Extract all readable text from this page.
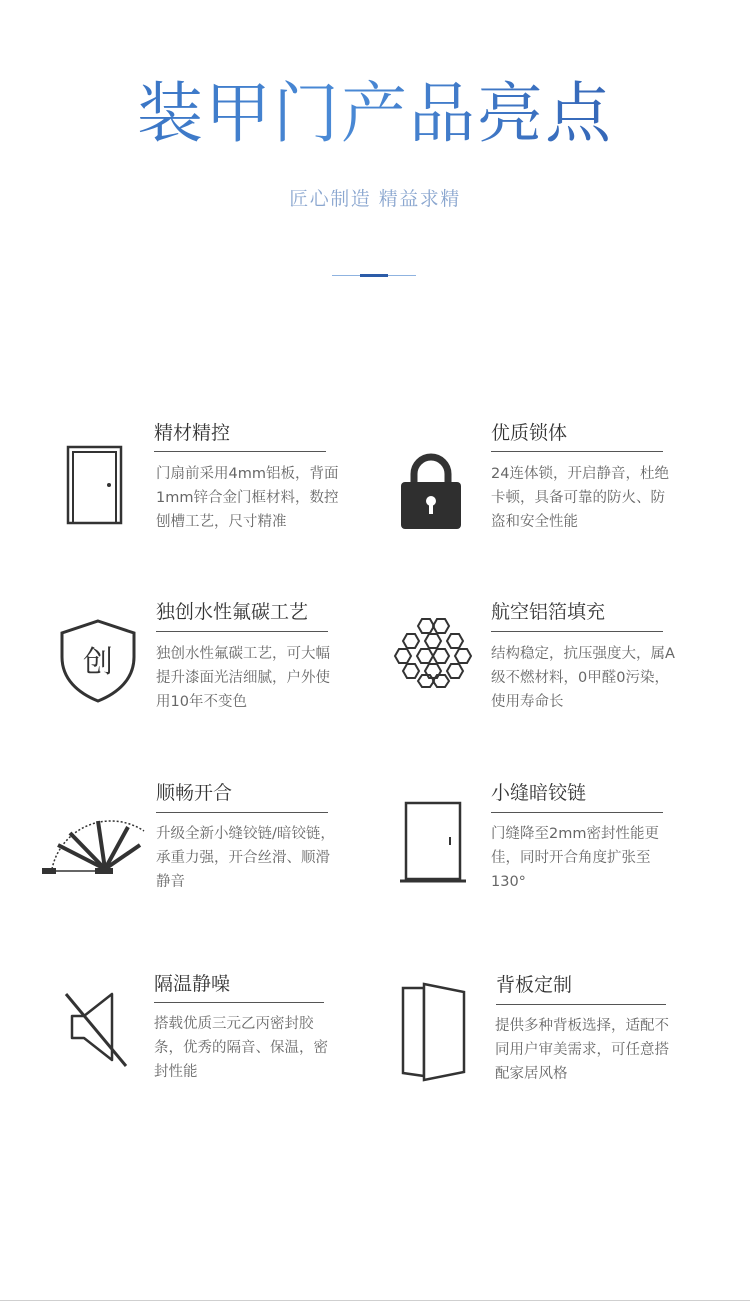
装甲门产品亮点
匠心制造 精益求精
精材精控
门扇前采用4mm铝板，背面1mm锌合金门框材料，数控刨槽工艺，尺寸精准
优质锁体
24连体锁，开启静音，杜绝卡顿，具备可靠的防火、防盗和安全性能
创
独创水性氟碳工艺
独创水性氟碳工艺，可大幅提升漆面光洁细腻，户外使用10年不变色
航空铝箔填充
结构稳定，抗压强度大，属A级不燃材料，0甲醛0污染，使用寿命长
顺畅开合
升级全新小缝铰链/暗铰链，承重力强，开合丝滑、顺滑静音
小缝暗铰链
门缝降至2mm密封性能更佳，同时开合角度扩张至130°
隔温静噪
搭载优质三元乙丙密封胶条，优秀的隔音、保温，密封性能
背板定制
提供多种背板选择，适配不同用户审美需求，可任意搭配家居风格
